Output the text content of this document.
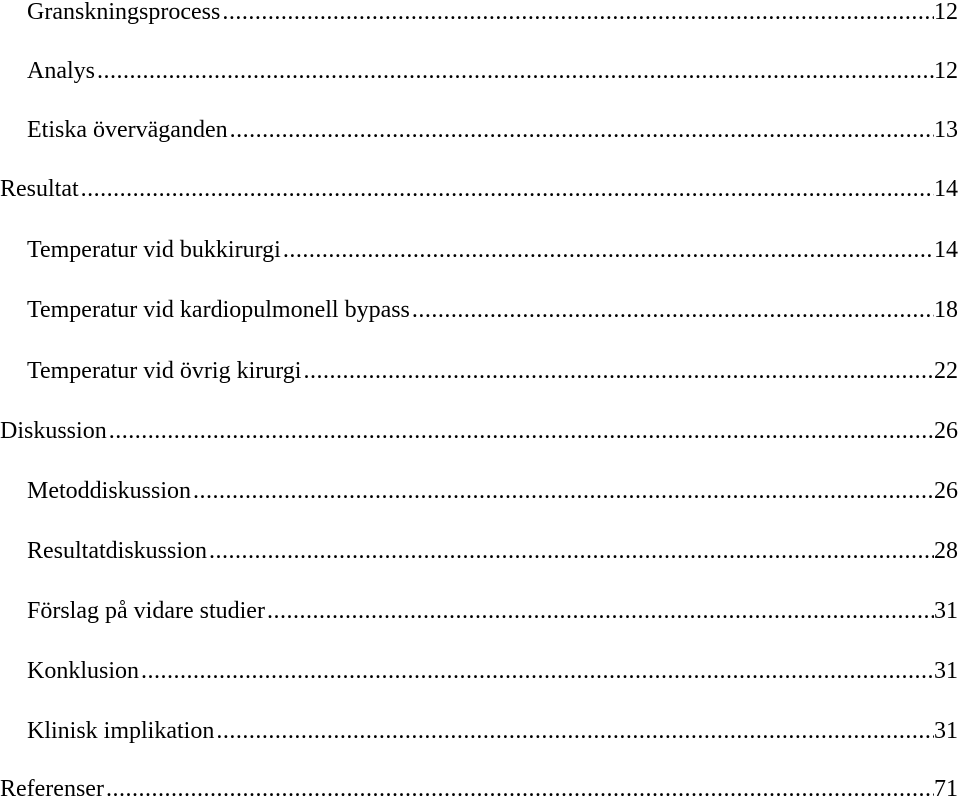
Granskningsprocess .....	12
Analys .....	12
Etiska överväganden .....	13
Resultat .....	14
Temperatur vid bukkirurgi .....	14
Temperatur vid kardiopulmonell bypass .....	18
Temperatur vid övrig kirurgi .....	22
Diskussion .....	26
Metoddiskussion .....	26
Resultatdiskussion .....	28
Förslag på vidare studier .....	31
Konklusion .....	31
Klinisk implikation .....	31
Referenser .....	71
